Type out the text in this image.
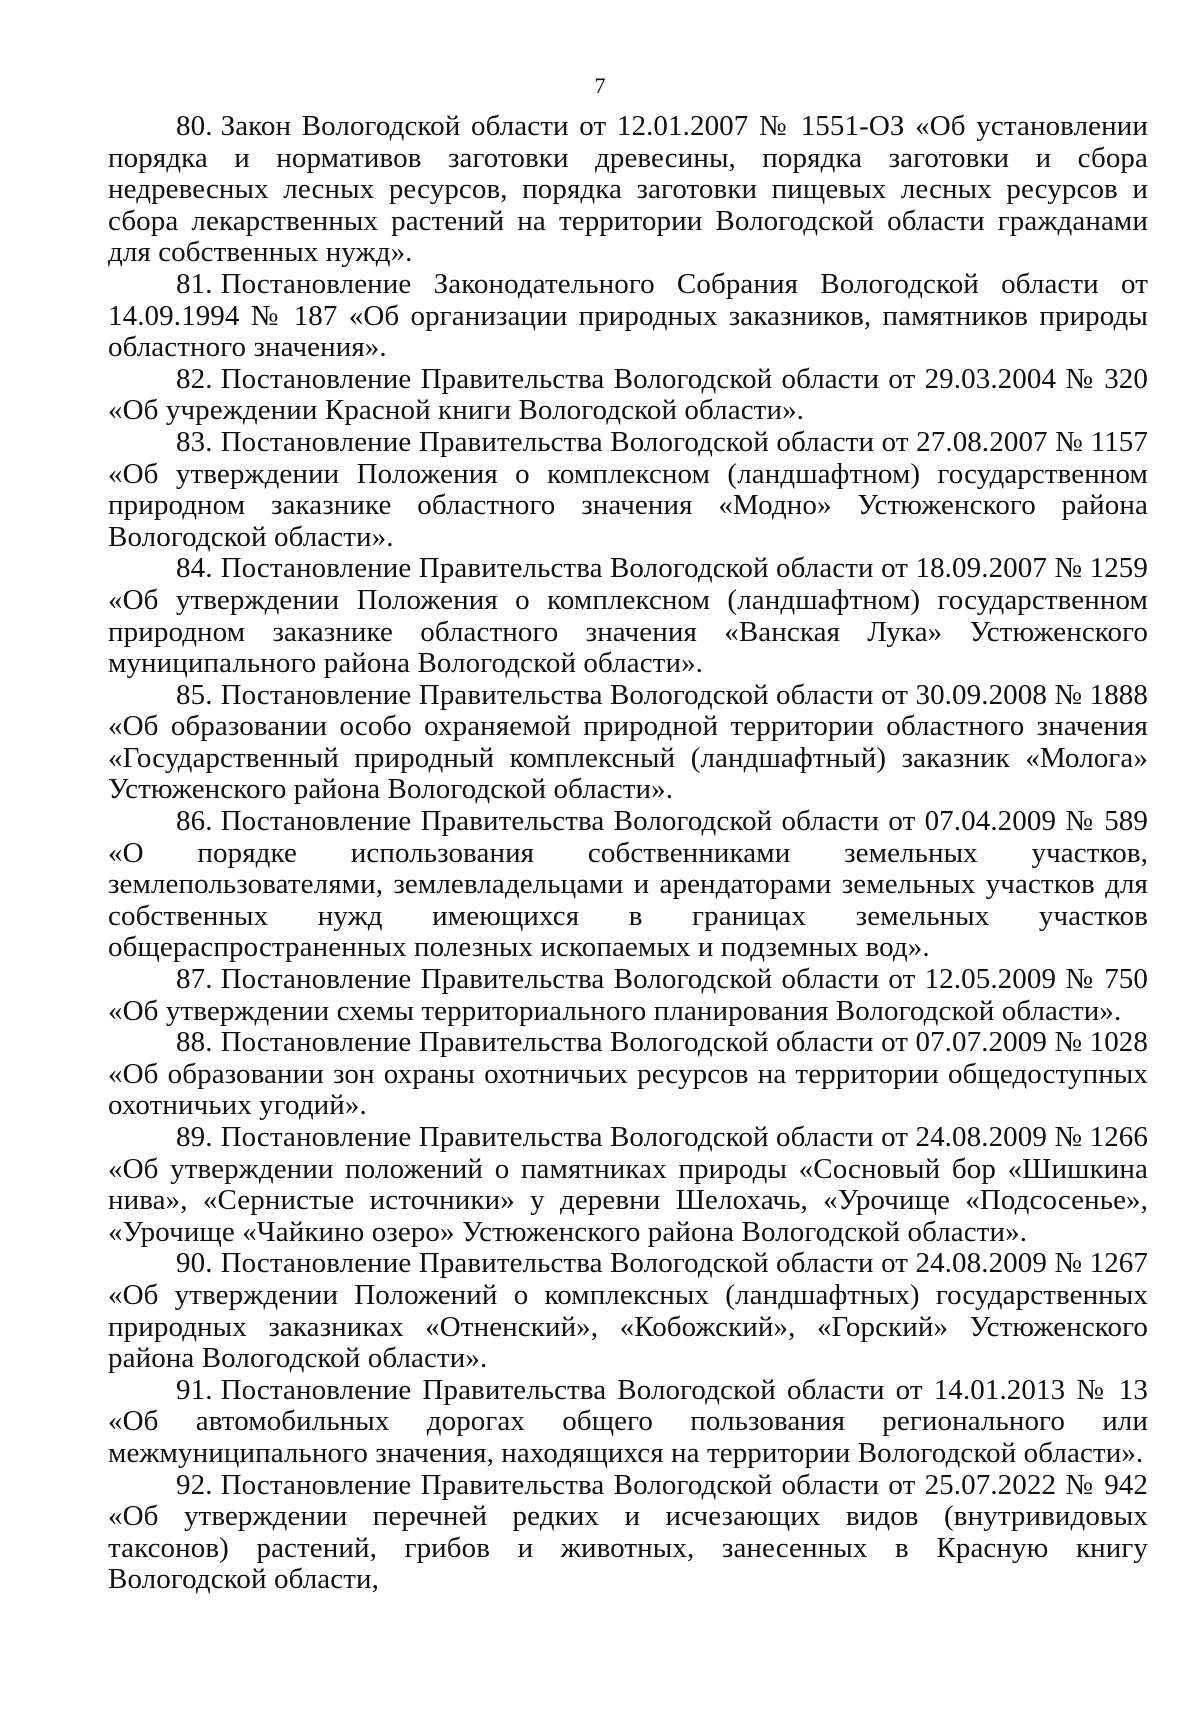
7

80. Закон Вологодской области от 12.01.2007 № 1551-ОЗ «Об установлении порядка и нормативов заготовки древесины, порядка заготовки и сбора недревесных лесных ресурсов, порядка заготовки пищевых лесных ресурсов и сбора лекарственных растений на территории Вологодской области гражданами для собственных нужд».

81. Постановление Законодательного Собрания Вологодской области от 14.09.1994 № 187 «Об организации природных заказников, памятников природы областного значения».

82. Постановление Правительства Вологодской области от 29.03.2004 № 320 «Об учреждении Красной книги Вологодской области».

83. Постановление Правительства Вологодской области от 27.08.2007 № 1157 «Об утверждении Положения о комплексном (ландшафтном) государственном природном заказнике областного значения «Модно» Устюженского района Вологодской области».

84. Постановление Правительства Вологодской области от 18.09.2007 № 1259 «Об утверждении Положения о комплексном (ландшафтном) государственном природном заказнике областного значения «Ванская Лука» Устюженского муниципального района Вологодской области».

85. Постановление Правительства Вологодской области от 30.09.2008 № 1888 «Об образовании особо охраняемой природной территории областного значения «Государственный природный комплексный (ландшафтный) заказник «Молога» Устюженского района Вологодской области».

86. Постановление Правительства Вологодской области от 07.04.2009 № 589 «О порядке использования собственниками земельных участков, землепользователями, землевладельцами и арендаторами земельных участков для собственных нужд имеющихся в границах земельных участков общераспространенных полезных ископаемых и подземных вод».

87. Постановление Правительства Вологодской области от 12.05.2009 № 750 «Об утверждении схемы территориального планирования Вологодской области».

88. Постановление Правительства Вологодской области от 07.07.2009 № 1028 «Об образовании зон охраны охотничьих ресурсов на территории общедоступных охотничьих угодий».

89. Постановление Правительства Вологодской области от 24.08.2009 № 1266 «Об утверждении положений о памятниках природы «Сосновый бор «Шишкина нива», «Сернистые источники» у деревни Шелохачь, «Урочище «Подсосенье», «Урочище «Чайкино озеро» Устюженского района Вологодской области».

90. Постановление Правительства Вологодской области от 24.08.2009 № 1267 «Об утверждении Положений о комплексных (ландшафтных) государственных природных заказниках «Отненский», «Кобожский», «Горский» Устюженского района Вологодской области».

91. Постановление Правительства Вологодской области от 14.01.2013 № 13 «Об автомобильных дорогах общего пользования регионального или межмуниципального значения, находящихся на территории Вологодской области».

92. Постановление Правительства Вологодской области от 25.07.2022 № 942 «Об утверждении перечней редких и исчезающих видов (внутривидовых таксонов) растений, грибов и животных, занесенных в Красную книгу Вологодской области,
